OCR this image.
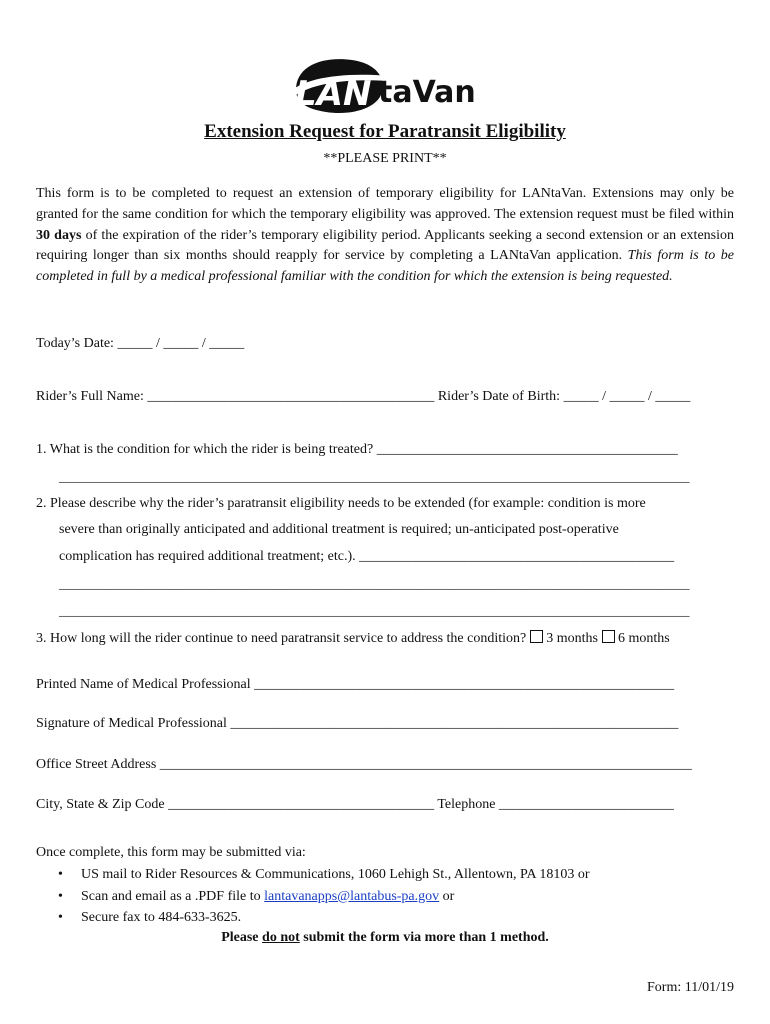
LAN taVan
Extension Request for Paratransit Eligibility
**PLEASE PRINT**
This form is to be completed to request an extension of temporary eligibility for LANtaVan. Extensions may only be granted for the same condition for which the temporary eligibility was approved. The extension request must be filed within 30 days of the expiration of the rider’s temporary eligibility period. Applicants seeking a second extension or an extension requiring longer than six months should reapply for service by completing a LANtaVan application. This form is to be completed in full by a medical professional familiar with the condition for which the extension is being requested.
Today’s Date: _____ / _____ / _____
Rider’s Full Name: _________________________________________ Rider’s Date of Birth: _____ / _____ / _____
1. What is the condition for which the rider is being treated? ___________________________________________
_________________________________________________________________________________________________
2. Please describe why the rider’s paratransit eligibility needs to be extended (for example: condition is more
severe than originally anticipated and additional treatment is required; un-anticipated post-operative
complication has required additional treatment; etc.). _____________________________________________
_________________________________________________________________________________________________
_________________________________________________________________________________________________
3. How long will the rider continue to need paratransit service to address the condition? 3 months 6 months
Printed Name of Medical Professional ____________________________________________________________
Signature of Medical Professional ________________________________________________________________
Office Street Address ____________________________________________________________________________
City, State & Zip Code ______________________________________ Telephone _________________________
Once complete, this form may be submitted via:
• US mail to Rider Resources & Communications, 1060 Lehigh St., Allentown, PA 18103 or
• Scan and email as a .PDF file to lantavanapps@lantabus-pa.gov or
• Secure fax to 484-633-3625.
Please do not submit the form via more than 1 method.
Form: 11/01/19
